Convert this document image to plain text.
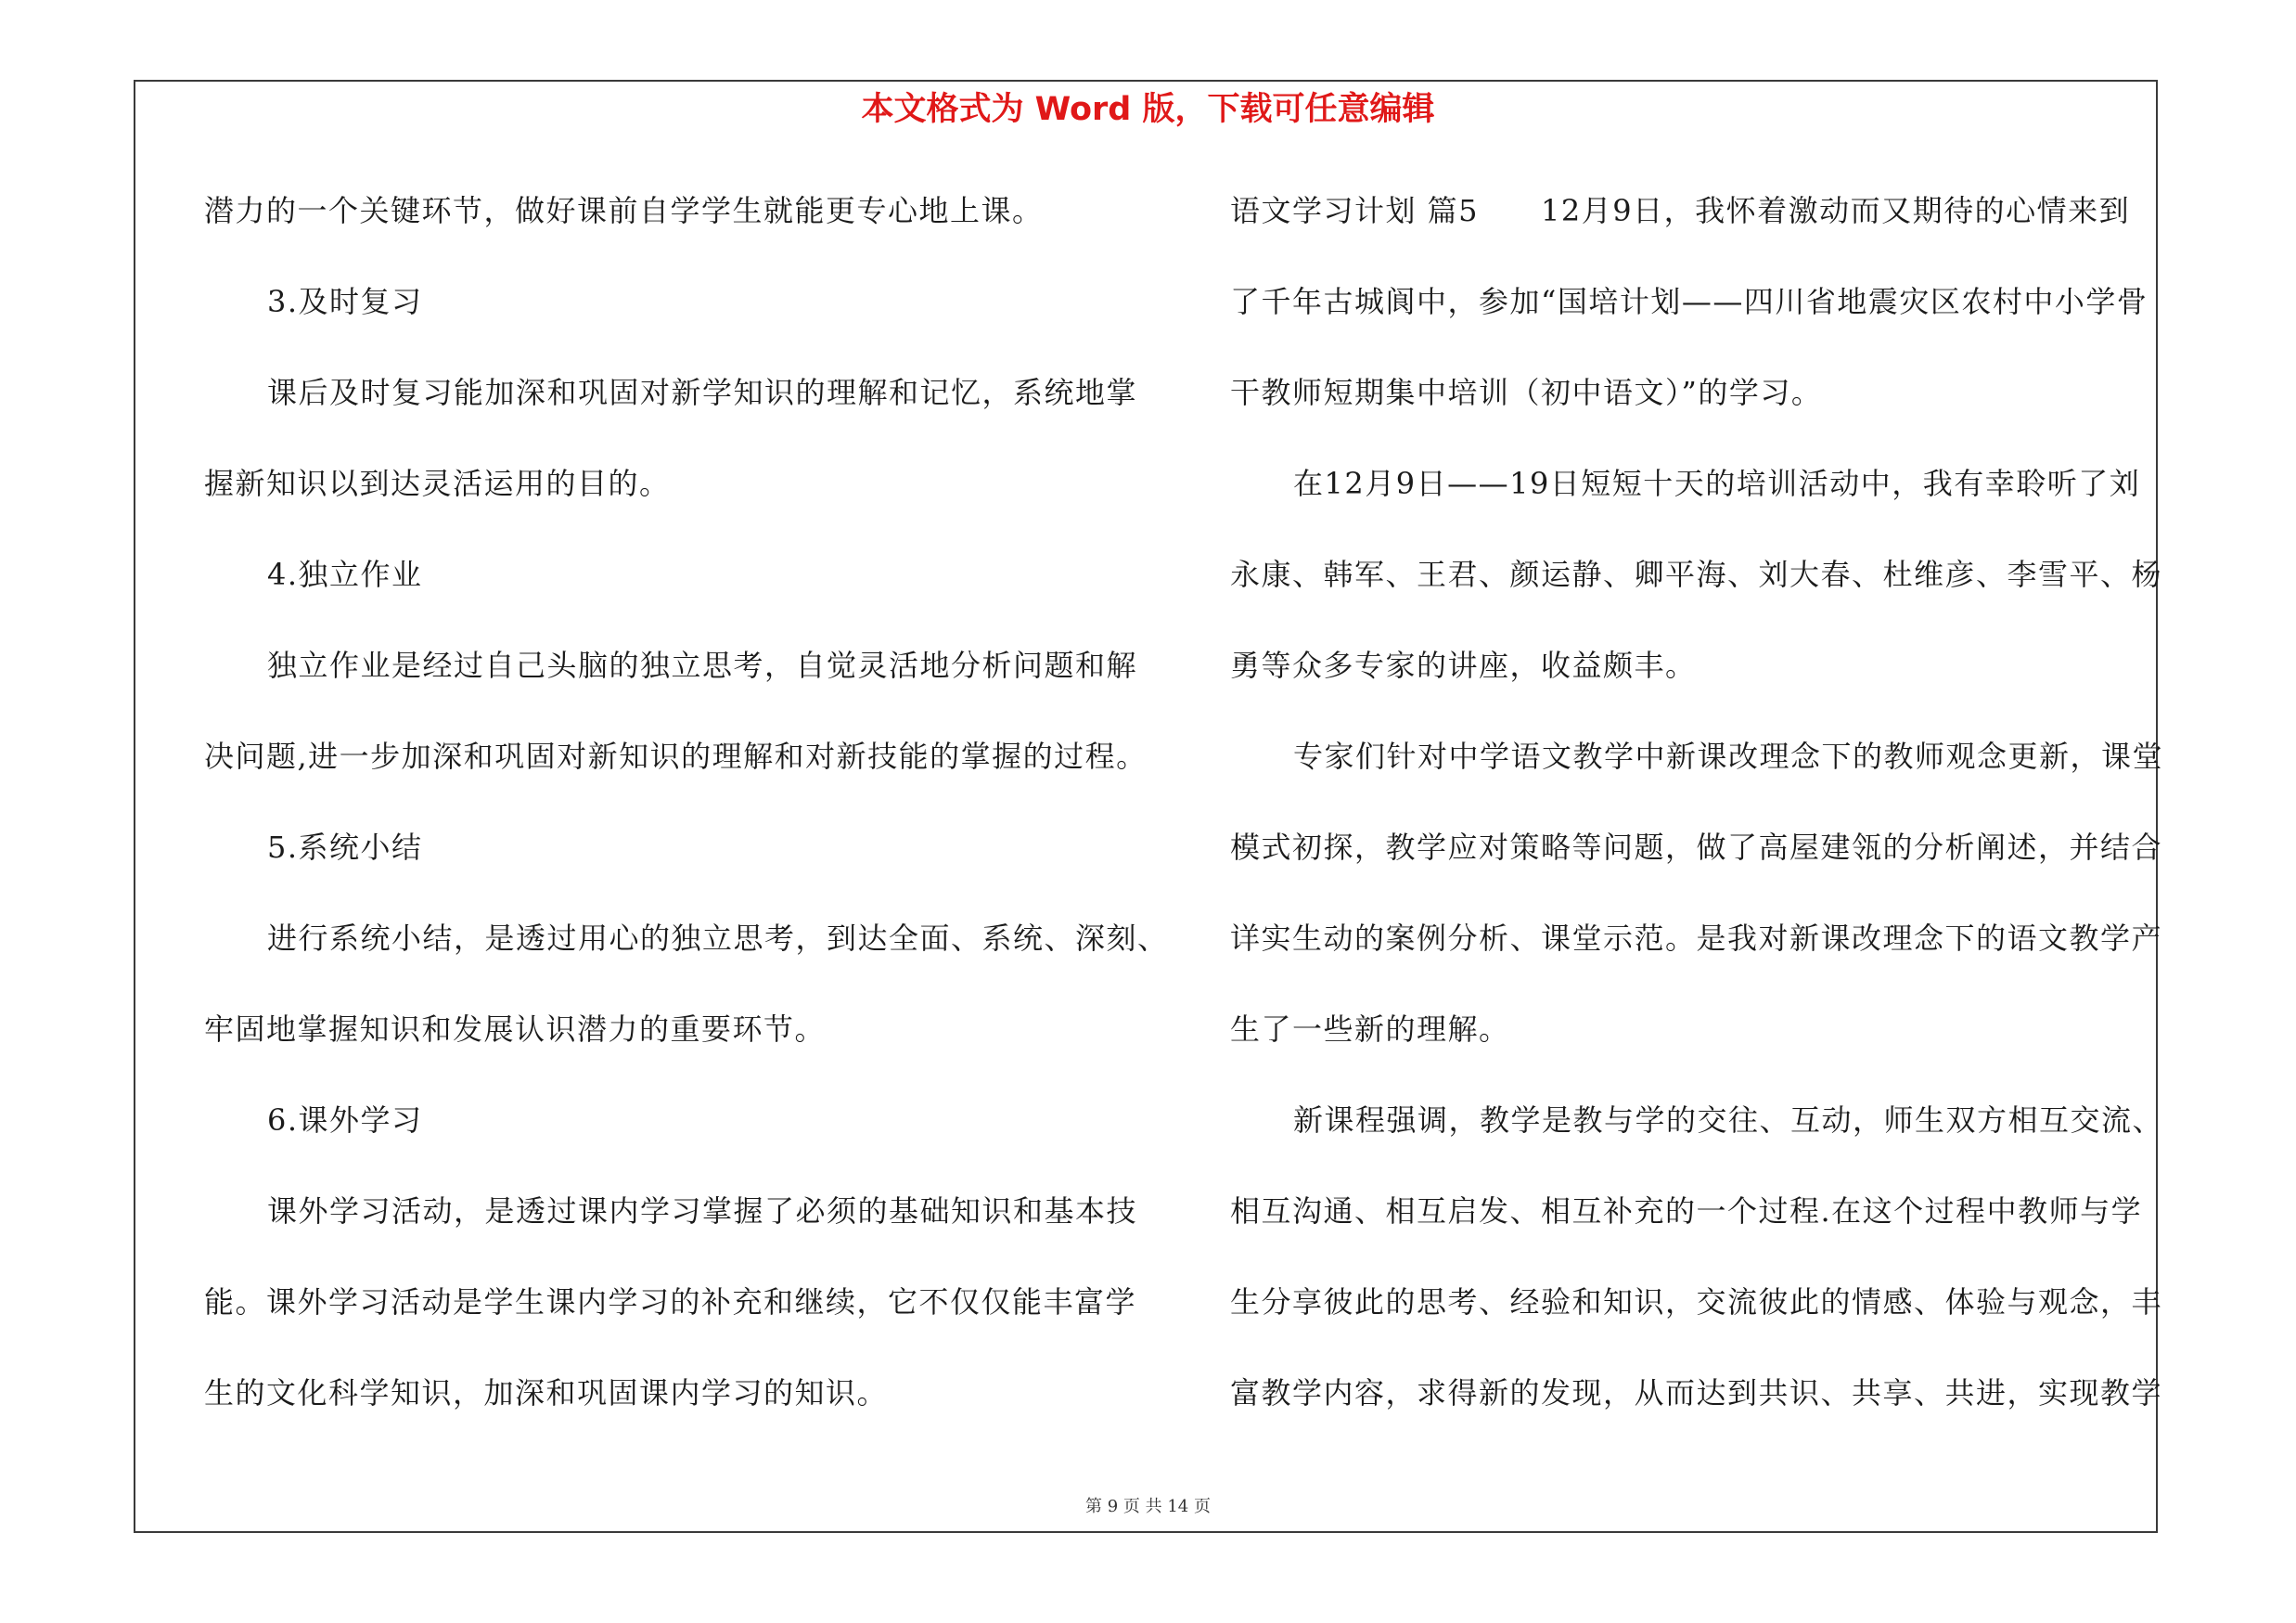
本文格式为 Word 版，下载可任意编辑
潜力的一个关键环节，做好课前自学学生就能更专心地上课。
3.及时复习
课后及时复习能加深和巩固对新学知识的理解和记忆，系统地掌
握新知识以到达灵活运用的目的。
4.独立作业
独立作业是经过自己头脑的独立思考，自觉灵活地分析问题和解
决问题,进一步加深和巩固对新知识的理解和对新技能的掌握的过程。
5.系统小结
进行系统小结，是透过用心的独立思考，到达全面、系统、深刻、
牢固地掌握知识和发展认识潜力的重要环节。
6.课外学习
课外学习活动，是透过课内学习掌握了必须的基础知识和基本技
能。课外学习活动是学生课内学习的补充和继续，它不仅仅能丰富学
生的文化科学知识，加深和巩固课内学习的知识。
语文学习计划 篇5　　12月9日，我怀着激动而又期待的心情来到
了千年古城阆中，参加“国培计划——四川省地震灾区农村中小学骨
干教师短期集中培训（初中语文）”的学习。
在12月9日——19日短短十天的培训活动中，我有幸聆听了刘
永康、韩军、王君、颜运静、卿平海、刘大春、杜维彦、李雪平、杨
勇等众多专家的讲座，收益颇丰。
专家们针对中学语文教学中新课改理念下的教师观念更新，课堂
模式初探，教学应对策略等问题，做了高屋建瓴的分析阐述，并结合
详实生动的案例分析、课堂示范。是我对新课改理念下的语文教学产
生了一些新的理解。
新课程强调，教学是教与学的交往、互动，师生双方相互交流、
相互沟通、相互启发、相互补充的一个过程.在这个过程中教师与学
生分享彼此的思考、经验和知识，交流彼此的情感、体验与观念，丰
富教学内容，求得新的发现，从而达到共识、共享、共进，实现教学
第 9 页 共 14 页
